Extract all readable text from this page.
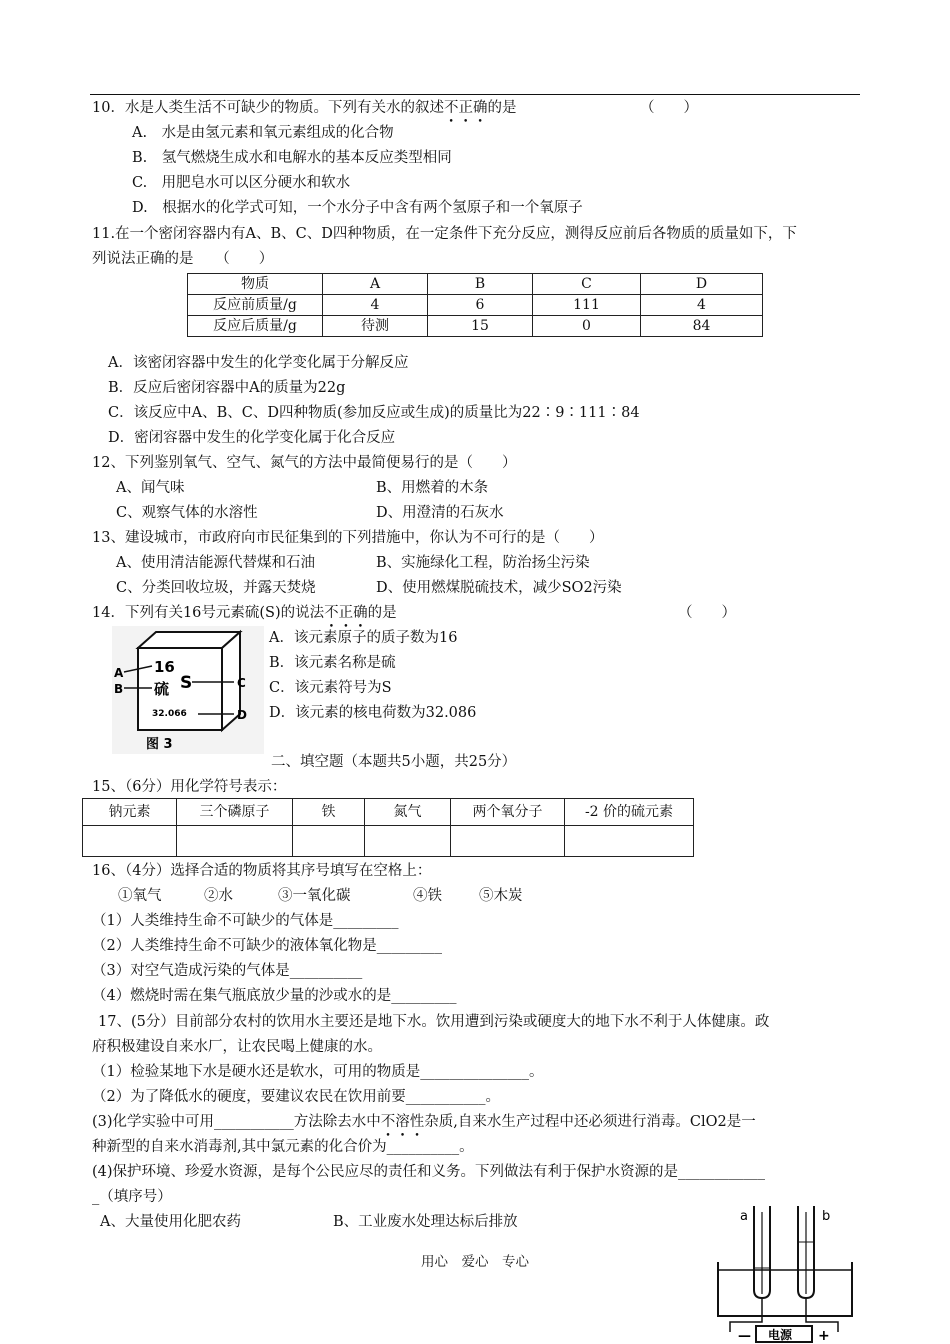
10．水是人类生活不可缺少的物质。下列有关水的叙述不正确的是	（　　）
A.　水是由氢元素和氧元素组成的化合物
B.　氢气燃烧生成水和电解水的基本反应类型相同
C.　用肥皂水可以区分硬水和软水
D.　根据水的化学式可知，一个水分子中含有两个氢原子和一个氧原子
11.在一个密闭容器内有A、B、C、D四种物质，在一定条件下充分反应，测得反应前后各物质的质量如下，下
列说法正确的是　　（　　）
物质	A	B	C	D
反应前质量/g	4	6	111	4
反应后质量/g	待测	15	0	84
A．该密闭容器中发生的化学变化属于分解反应
B．反应后密闭容器中A的质量为22g
C．该反应中A、B、C、D四种物质(参加反应或生成)的质量比为22∶9∶111∶84
D．密闭容器中发生的化学变化属于化合反应
12、下列鉴别氧气、空气、氮气的方法中最简便易行的是（　　）
A、闻气味	B、用燃着的木条
C、观察气体的水溶性	D、用澄清的石灰水
13、建设城市，市政府向市民征集到的下列措施中，你认为不可行的是（　　）
A、使用清洁能源代替煤和石油	B、实施绿化工程，防治扬尘污染
C、分类回收垃圾，并露天焚烧	D、使用燃煤脱硫技术，减少SO2污染
14．下列有关16号元素硫(S)的说法不正确的是	（　　）
16
硫 S
32.066
A
B	C
D
图 3
A．该元素原子的质子数为16
B．该元素名称是硫
C．该元素符号为S
D．该元素的核电荷数为32.086
二、填空题（本题共5小题，共25分）
15、（6分）用化学符号表示：
钠元素	三个磷原子	铁	氮气	两个氧分子	-2 价的硫元素

16、（4分）选择合适的物质将其序号填写在空格上：
①氧气	②水	③一氧化碳	④铁	⑤木炭
（1）人类维持生命不可缺少的气体是_________
（2）人类维持生命不可缺少的液体氧化物是_________
（3）对空气造成污染的气体是__________
（4）燃烧时需在集气瓶底放少量的沙或水的是_________
17、(5分）目前部分农村的饮用水主要还是地下水。饮用遭到污染或硬度大的地下水不利于人体健康。政
府积极建设自来水厂，让农民喝上健康的水。
（1）检验某地下水是硬水还是软水，可用的物质是_______________。
（2）为了降低水的硬度，要建议农民在饮用前要___________。
(3)化学实验中可用___________方法除去水中不溶性杂质,自来水生产过程中还必须进行消毒。ClO2是一
种新型的自来水消毒剂,其中氯元素的化合价为__________。
(4)保护环境、珍爱水资源，是每个公民应尽的责任和义务。下列做法有利于保护水资源的是____________
_（填序号）
A、大量使用化肥农药	B、工业废水处理达标后排放	a	b
电源
—	+
用心　爱心　专心
